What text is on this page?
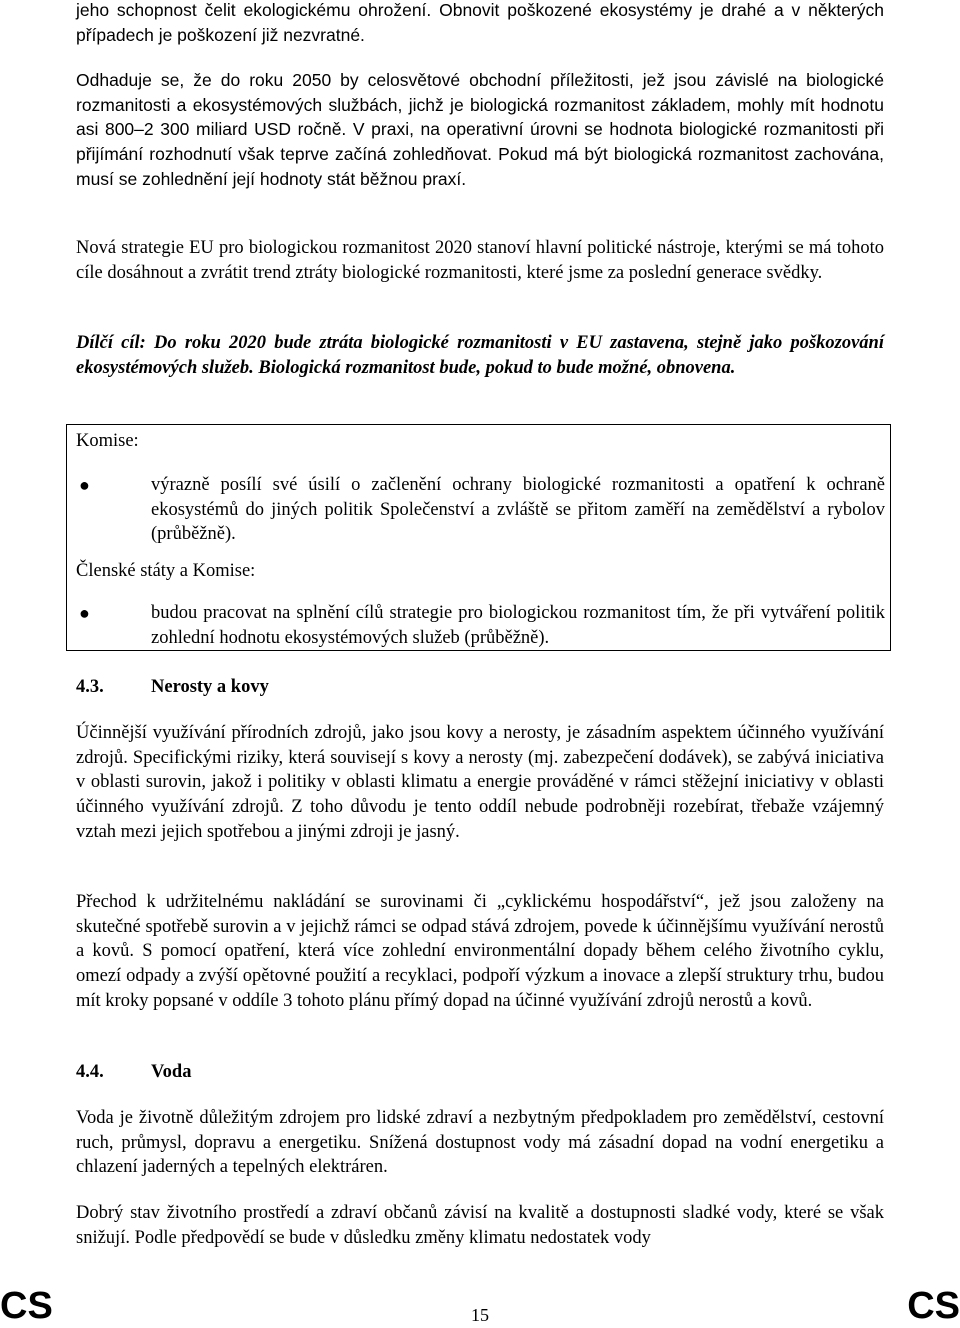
jeho schopnost čelit ekologickému ohrožení. Obnovit poškozené ekosystémy je drahé a v některých případech je poškození již nezvratné.

Odhaduje se, že do roku 2050 by celosvětové obchodní příležitosti, jež jsou závislé na biologické rozmanitosti a ekosystémových službách, jichž je biologická rozmanitost základem, mohly mít hodnotu asi 800–2 300 miliard USD ročně. V praxi, na operativní úrovni se hodnota biologické rozmanitosti při přijímání rozhodnutí však teprve začíná zohledňovat. Pokud má být biologická rozmanitost zachována, musí se zohlednění její hodnoty stát běžnou praxí.

Nová strategie EU pro biologickou rozmanitost 2020 stanoví hlavní politické nástroje, kterými se má tohoto cíle dosáhnout a zvrátit trend ztráty biologické rozmanitosti, které jsme za poslední generace svědky.

Dílčí cíl: Do roku 2020 bude ztráta biologické rozmanitosti v EU zastavena, stejně jako poškozování ekosystémových služeb. Biologická rozmanitost bude, pokud to bude možné, obnovena.

Komise:
●	výrazně posílí své úsilí o začlenění ochrany biologické rozmanitosti a opatření k ochraně ekosystémů do jiných politik Společenství a zvláště se přitom zaměří na zemědělství a rybolov (průběžně).
Členské státy a Komise:
●	budou pracovat na splnění cílů strategie pro biologickou rozmanitost tím, že při vytváření politik zohlední hodnotu ekosystémových služeb (průběžně).
4.3.	Nerosty a kovy

Účinnější využívání přírodních zdrojů, jako jsou kovy a nerosty, je zásadním aspektem účinného využívání zdrojů. Specifickými riziky, která souvisejí s kovy a nerosty (mj. zabezpečení dodávek), se zabývá iniciativa v oblasti surovin, jakož i politiky v oblasti klimatu a energie prováděné v rámci stěžejní iniciativy v oblasti účinného využívání zdrojů. Z toho důvodu je tento oddíl nebude podrobněji rozebírat, třebaže vzájemný vztah mezi jejich spotřebou a jinými zdroji je jasný.

Přechod k udržitelnému nakládání se surovinami či „cyklickému hospodářství“, jež jsou založeny na skutečné spotřebě surovin a v jejichž rámci se odpad stává zdrojem, povede k účinnějšímu využívání nerostů a kovů. S pomocí opatření, která více zohlední environmentální dopady během celého životního cyklu, omezí odpady a zvýší opětovné použití a recyklaci, podpoří výzkum a inovace a zlepší struktury trhu, budou mít kroky popsané v oddíle 3 tohoto plánu přímý dopad na účinné využívání zdrojů nerostů a kovů.

4.4.	Voda

Voda je životně důležitým zdrojem pro lidské zdraví a nezbytným předpokladem pro zemědělství, cestovní ruch, průmysl, dopravu a energetiku. Snížená dostupnost vody má zásadní dopad na vodní energetiku a chlazení jaderných a tepelných elektráren.

Dobrý stav životního prostředí a zdraví občanů závisí na kvalitě a dostupnosti sladké vody, které se však snižují. Podle předpovědí se bude v důsledku změny klimatu nedostatek vody

CS	15	CS
